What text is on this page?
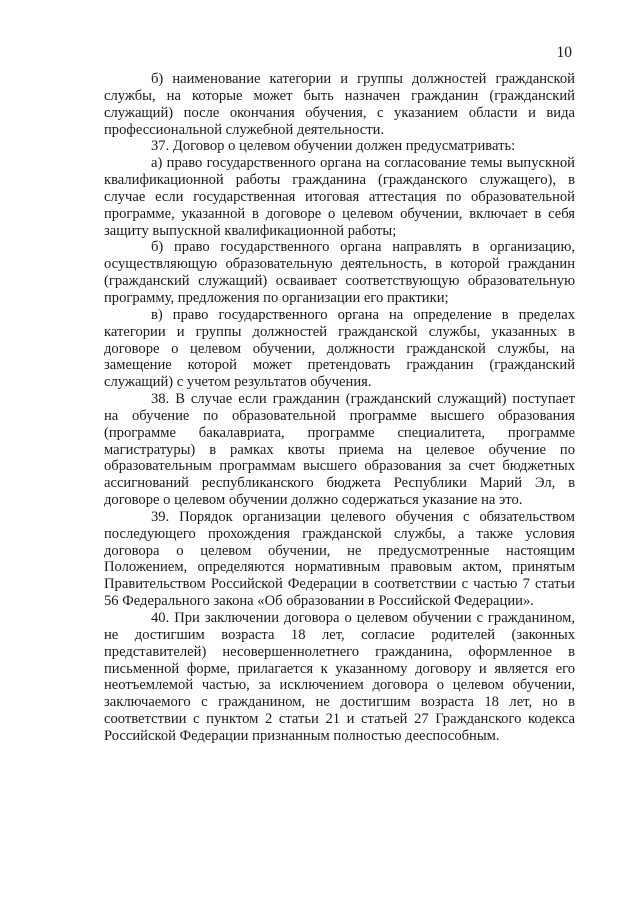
10

б) наименование категории и группы должностей гражданской службы, на которые может быть назначен гражданин (гражданский служащий) после окончания обучения, с указанием области и вида профессиональной служебной деятельности.

37. Договор о целевом обучении должен предусматривать:

а) право государственного органа на согласование темы выпускной квалификационной работы гражданина (гражданского служащего), в случае если государственная итоговая аттестация по образовательной программе, указанной в договоре о целевом обучении, включает в себя защиту выпускной квалификационной работы;

б) право государственного органа направлять в организацию, осуществляющую образовательную деятельность, в которой гражданин (гражданский служащий) осваивает соответствующую образовательную программу, предложения по организации его практики;

в) право государственного органа на определение в пределах категории и группы должностей гражданской службы, указанных в договоре о целевом обучении, должности гражданской службы, на замещение которой может претендовать гражданин (гражданский служащий) с учетом результатов обучения.

38. В случае если гражданин (гражданский служащий) поступает на обучение по образовательной программе высшего образования (программе бакалавриата, программе специалитета, программе магистратуры) в рамках квоты приема на целевое обучение по образовательным программам высшего образования за счет бюджетных ассигнований республиканского бюджета Республики Марий Эл, в договоре о целевом обучении должно содержаться указание на это.

39. Порядок организации целевого обучения с обязательством последующего прохождения гражданской службы, а также условия договора о целевом обучении, не предусмотренные настоящим Положением, определяются нормативным правовым актом, принятым Правительством Российской Федерации в соответствии с частью 7 статьи 56 Федерального закона «Об образовании в Российской Федерации».

40. При заключении договора о целевом обучении с гражданином, не достигшим возраста 18 лет, согласие родителей (законных представителей) несовершеннолетнего гражданина, оформленное в письменной форме, прилагается к указанному договору и является его неотъемлемой частью, за исключением договора о целевом обучении, заключаемого с гражданином, не достигшим возраста 18 лет, но в соответствии с пунктом 2 статьи 21 и статьей 27 Гражданского кодекса Российской Федерации признанным полностью дееспособным.
